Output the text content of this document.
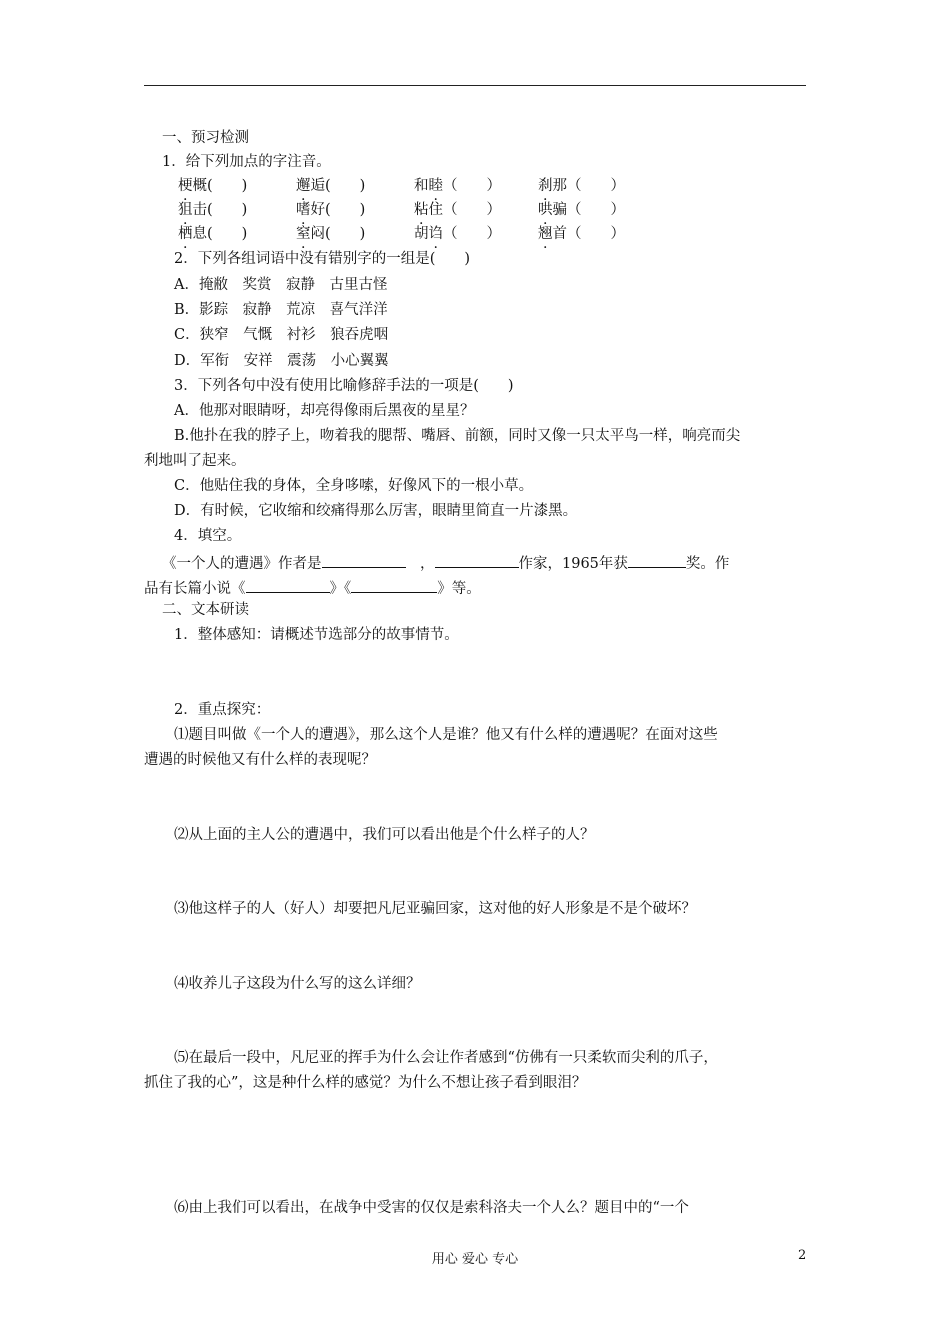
一、预习检测
1．给下列加点的字注音。
梗概(　　 )	邂逅(　　 )	和睦（　　 ）	刹那（　　 ）
狙击(　　 )	嗜好(　　 )	粘住（　　 ）	哄骗（　　 ）
栖息(　　 )	窒闷(　　 )	胡诌（　　 ）	翘首（　　 ）
2．下列各组词语中没有错别字的一组是(　　)
A．掩敝　奖赏　寂静　古里古怪
B．影踪　寂静　荒凉　喜气洋洋
C．狭窄　气慨　衬衫　狼吞虎咽
D．军衔　安祥　震荡　小心翼翼
3．下列各句中没有使用比喻修辞手法的一项是(　　)
A．他那对眼睛呀，却亮得像雨后黑夜的星星？
B.他扑在我的脖子上，吻着我的腮帮、嘴唇、前额，同时又像一只太平鸟一样，响亮而尖
利地叫了起来。
C．他贴住我的身体，全身哆嗦，好像风下的一根小草。
D．有时候，它收缩和绞痛得那么厉害，眼睛里简直一片漆黑。
4．填空。
《一个人的遭遇》作者是　	，	作家，1965年获	奖。作
品有长篇小说《	》《	》等。
二、文本研读
1．整体感知：请概述节选部分的故事情节。
2．重点探究：
⑴题目叫做《一个人的遭遇》，那么这个人是谁？他又有什么样的遭遇呢？在面对这些
遭遇的时候他又有什么样的表现呢？
⑵从上面的主人公的遭遇中，我们可以看出他是个什么样子的人？
⑶他这样子的人（好人）却要把凡尼亚骗回家，这对他的好人形象是不是个破坏？
⑷收养儿子这段为什么写的这么详细？
⑸在最后一段中，凡尼亚的挥手为什么会让作者感到“仿佛有一只柔软而尖利的爪子，
抓住了我的心”，这是种什么样的感觉？为什么不想让孩子看到眼泪？
⑹由上我们可以看出，在战争中受害的仅仅是索科洛夫一个人么？题目中的“一个
用心 爱心 专心	2
